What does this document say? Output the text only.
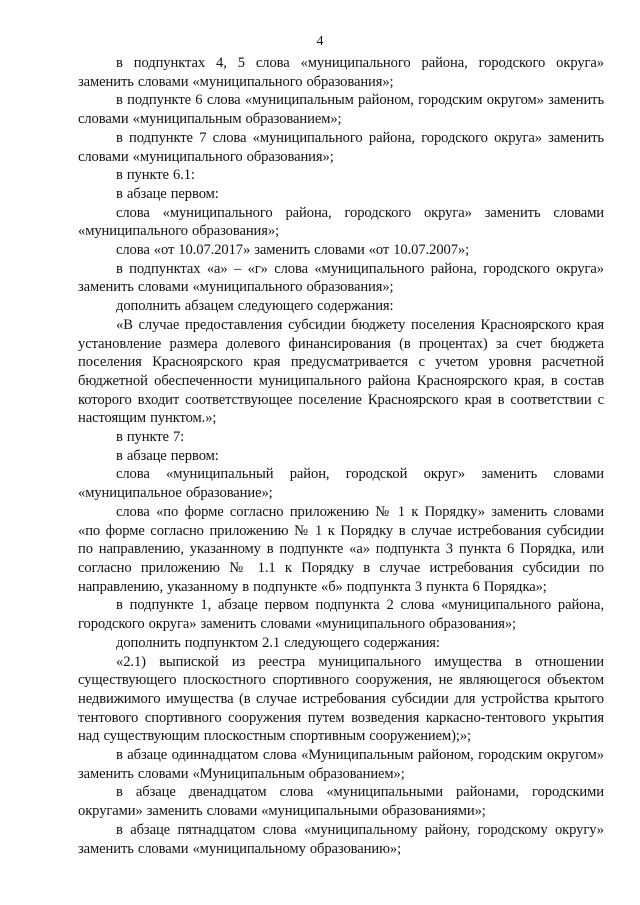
4

в подпунктах 4, 5 слова «муниципального района, городского округа» заменить словами «муниципального образования»;

в подпункте 6 слова «муниципальным районом, городским округом» заменить словами «муниципальным образованием»;

в подпункте 7 слова «муниципального района, городского округа» заменить словами «муниципального образования»;

в пункте 6.1:

в абзаце первом:

слова «муниципального района, городского округа» заменить словами «муниципального образования»;

слова «от 10.07.2017» заменить словами «от 10.07.2007»;

в подпунктах «а» – «г» слова «муниципального района, городского округа» заменить словами «муниципального образования»;

дополнить абзацем следующего содержания:

«В случае предоставления субсидии бюджету поселения Красноярского края установление размера долевого финансирования (в процентах) за счет бюджета поселения Красноярского края предусматривается с учетом уровня расчетной бюджетной обеспеченности муниципального района Красноярского края, в состав которого входит соответствующее поселение Красноярского края в соответствии с настоящим пунктом.»;

в пункте 7:

в абзаце первом:

слова «муниципальный район, городской округ» заменить словами «муниципальное образование»;

слова «по форме согласно приложению № 1 к Порядку» заменить словами «по форме согласно приложению № 1 к Порядку в случае истребования субсидии по направлению, указанному в подпункте «а» подпункта 3 пункта 6 Порядка, или согласно приложению № 1.1 к Порядку в случае истребования субсидии по направлению, указанному в подпункте «б» подпункта 3 пункта 6 Порядка»;

в подпункте 1, абзаце первом подпункта 2 слова «муниципального района, городского округа» заменить словами «муниципального образования»;

дополнить подпунктом 2.1 следующего содержания:

«2.1) выпиской из реестра муниципального имущества в отношении существующего плоскостного спортивного сооружения, не являющегося объектом недвижимого имущества (в случае истребования субсидии для устройства крытого тентового спортивного сооружения путем возведения каркасно-тентового укрытия над существующим плоскостным спортивным сооружением);»;

в абзаце одиннадцатом слова «Муниципальным районом, городским округом» заменить словами «Муниципальным образованием»;

в абзаце двенадцатом слова «муниципальными районами, городскими округами» заменить словами «муниципальными образованиями»;

в абзаце пятнадцатом слова «муниципальному району, городскому округу» заменить словами «муниципальному образованию»;
